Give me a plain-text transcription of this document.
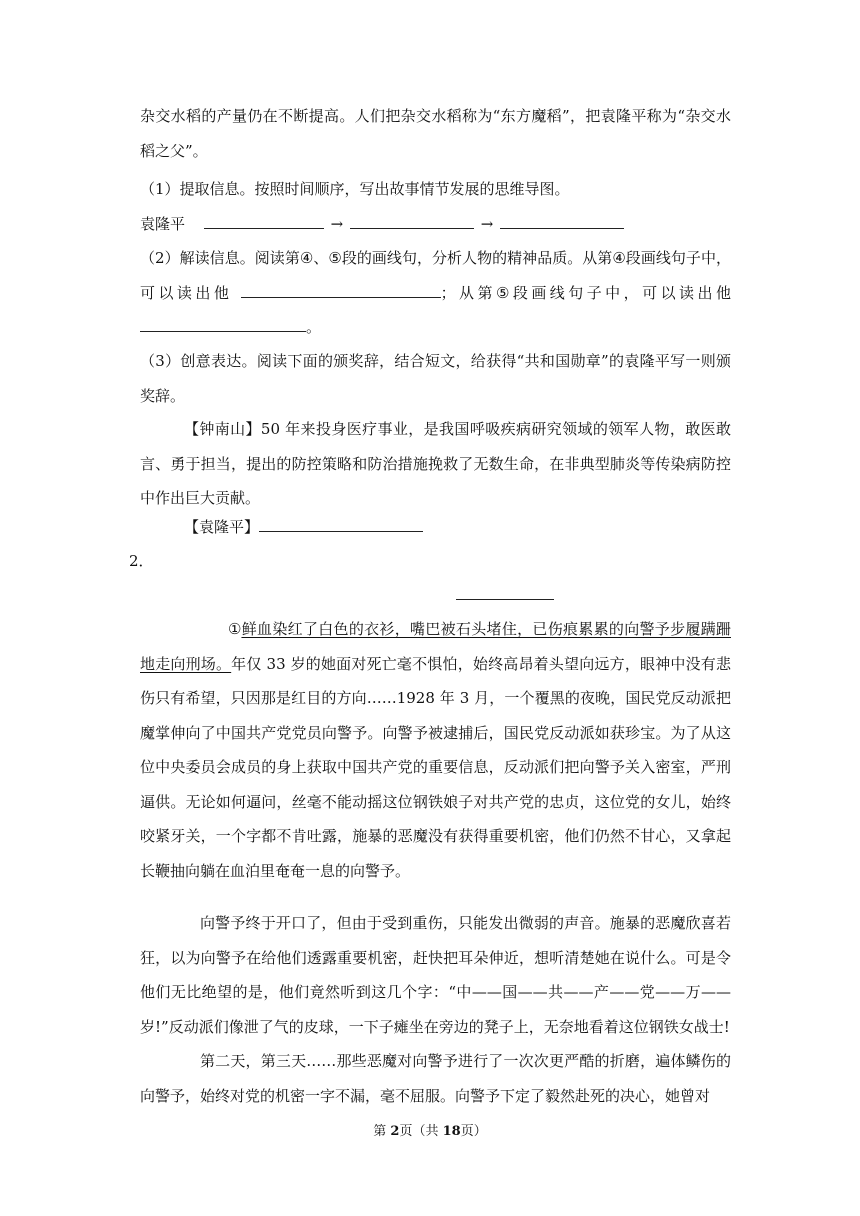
杂交水稻的产量仍在不断提高。人们把杂交水稻称为“东方魔稻”，把袁隆平称为“杂交水稻之父”。
（1）提取信息。按照时间顺序，写出故事情节发展的思维导图。
袁隆平	→	→
（2）解读信息。阅读第④、⑤段的画线句，分析人物的精神品质。从第④段画线句子中，可以读出他	；从第⑤段画线句子中，可以读出他 。
（3）创意表达。阅读下面的颁奖辞，结合短文，给获得“共和国勋章”的袁隆平写一则颁奖辞。
【钟南山】50 年来投身医疗事业，是我国呼吸疾病研究领域的领军人物，敢医敢言、勇于担当，提出的防控策略和防治措施挽救了无数生命，在非典型肺炎等传染病防控中作出巨大贡献。
【袁隆平】
2．
①鲜血染红了白色的衣衫，嘴巴被石头堵住，已伤痕累累的向警予步履蹒跚地走向刑场。年仅 33 岁的她面对死亡毫不惧怕，始终高昂着头望向远方，眼神中没有悲伤只有希望，只因那是红目的方向……1928 年 3 月，一个覆黑的夜晚，国民党反动派把魔掌伸向了中国共产党党员向警予。向警予被逮捕后，国民党反动派如获珍宝。为了从这位中央委员会成员的身上获取中国共产党的重要信息，反动派们把向警予关入密室，严刑逼供。无论如何逼问，丝毫不能动摇这位钢铁娘子对共产党的忠贞，这位党的女儿，始终咬紧牙关，一个字都不肯吐露，施暴的恶魔没有获得重要机密，他们仍然不甘心，又拿起长鞭抽向躺在血泊里奄奄一息的向警予。
向警予终于开口了，但由于受到重伤，只能发出微弱的声音。施暴的恶魔欣喜若狂，以为向警予在给他们透露重要机密，赶快把耳朵伸近，想听清楚她在说什么。可是令他们无比绝望的是，他们竟然听到这几个字：“中——国——共——产——党——万——岁!”反动派们像泄了气的皮球，一下子瘫坐在旁边的凳子上，无奈地看着这位钢铁女战士!
第二天，第三天……那些恶魔对向警予进行了一次次更严酷的折磨，遍体鳞伤的向警予，始终对党的机密一字不漏，毫不屈服。向警予下定了毅然赴死的决心，她曾对
第 2页（共 18页）
